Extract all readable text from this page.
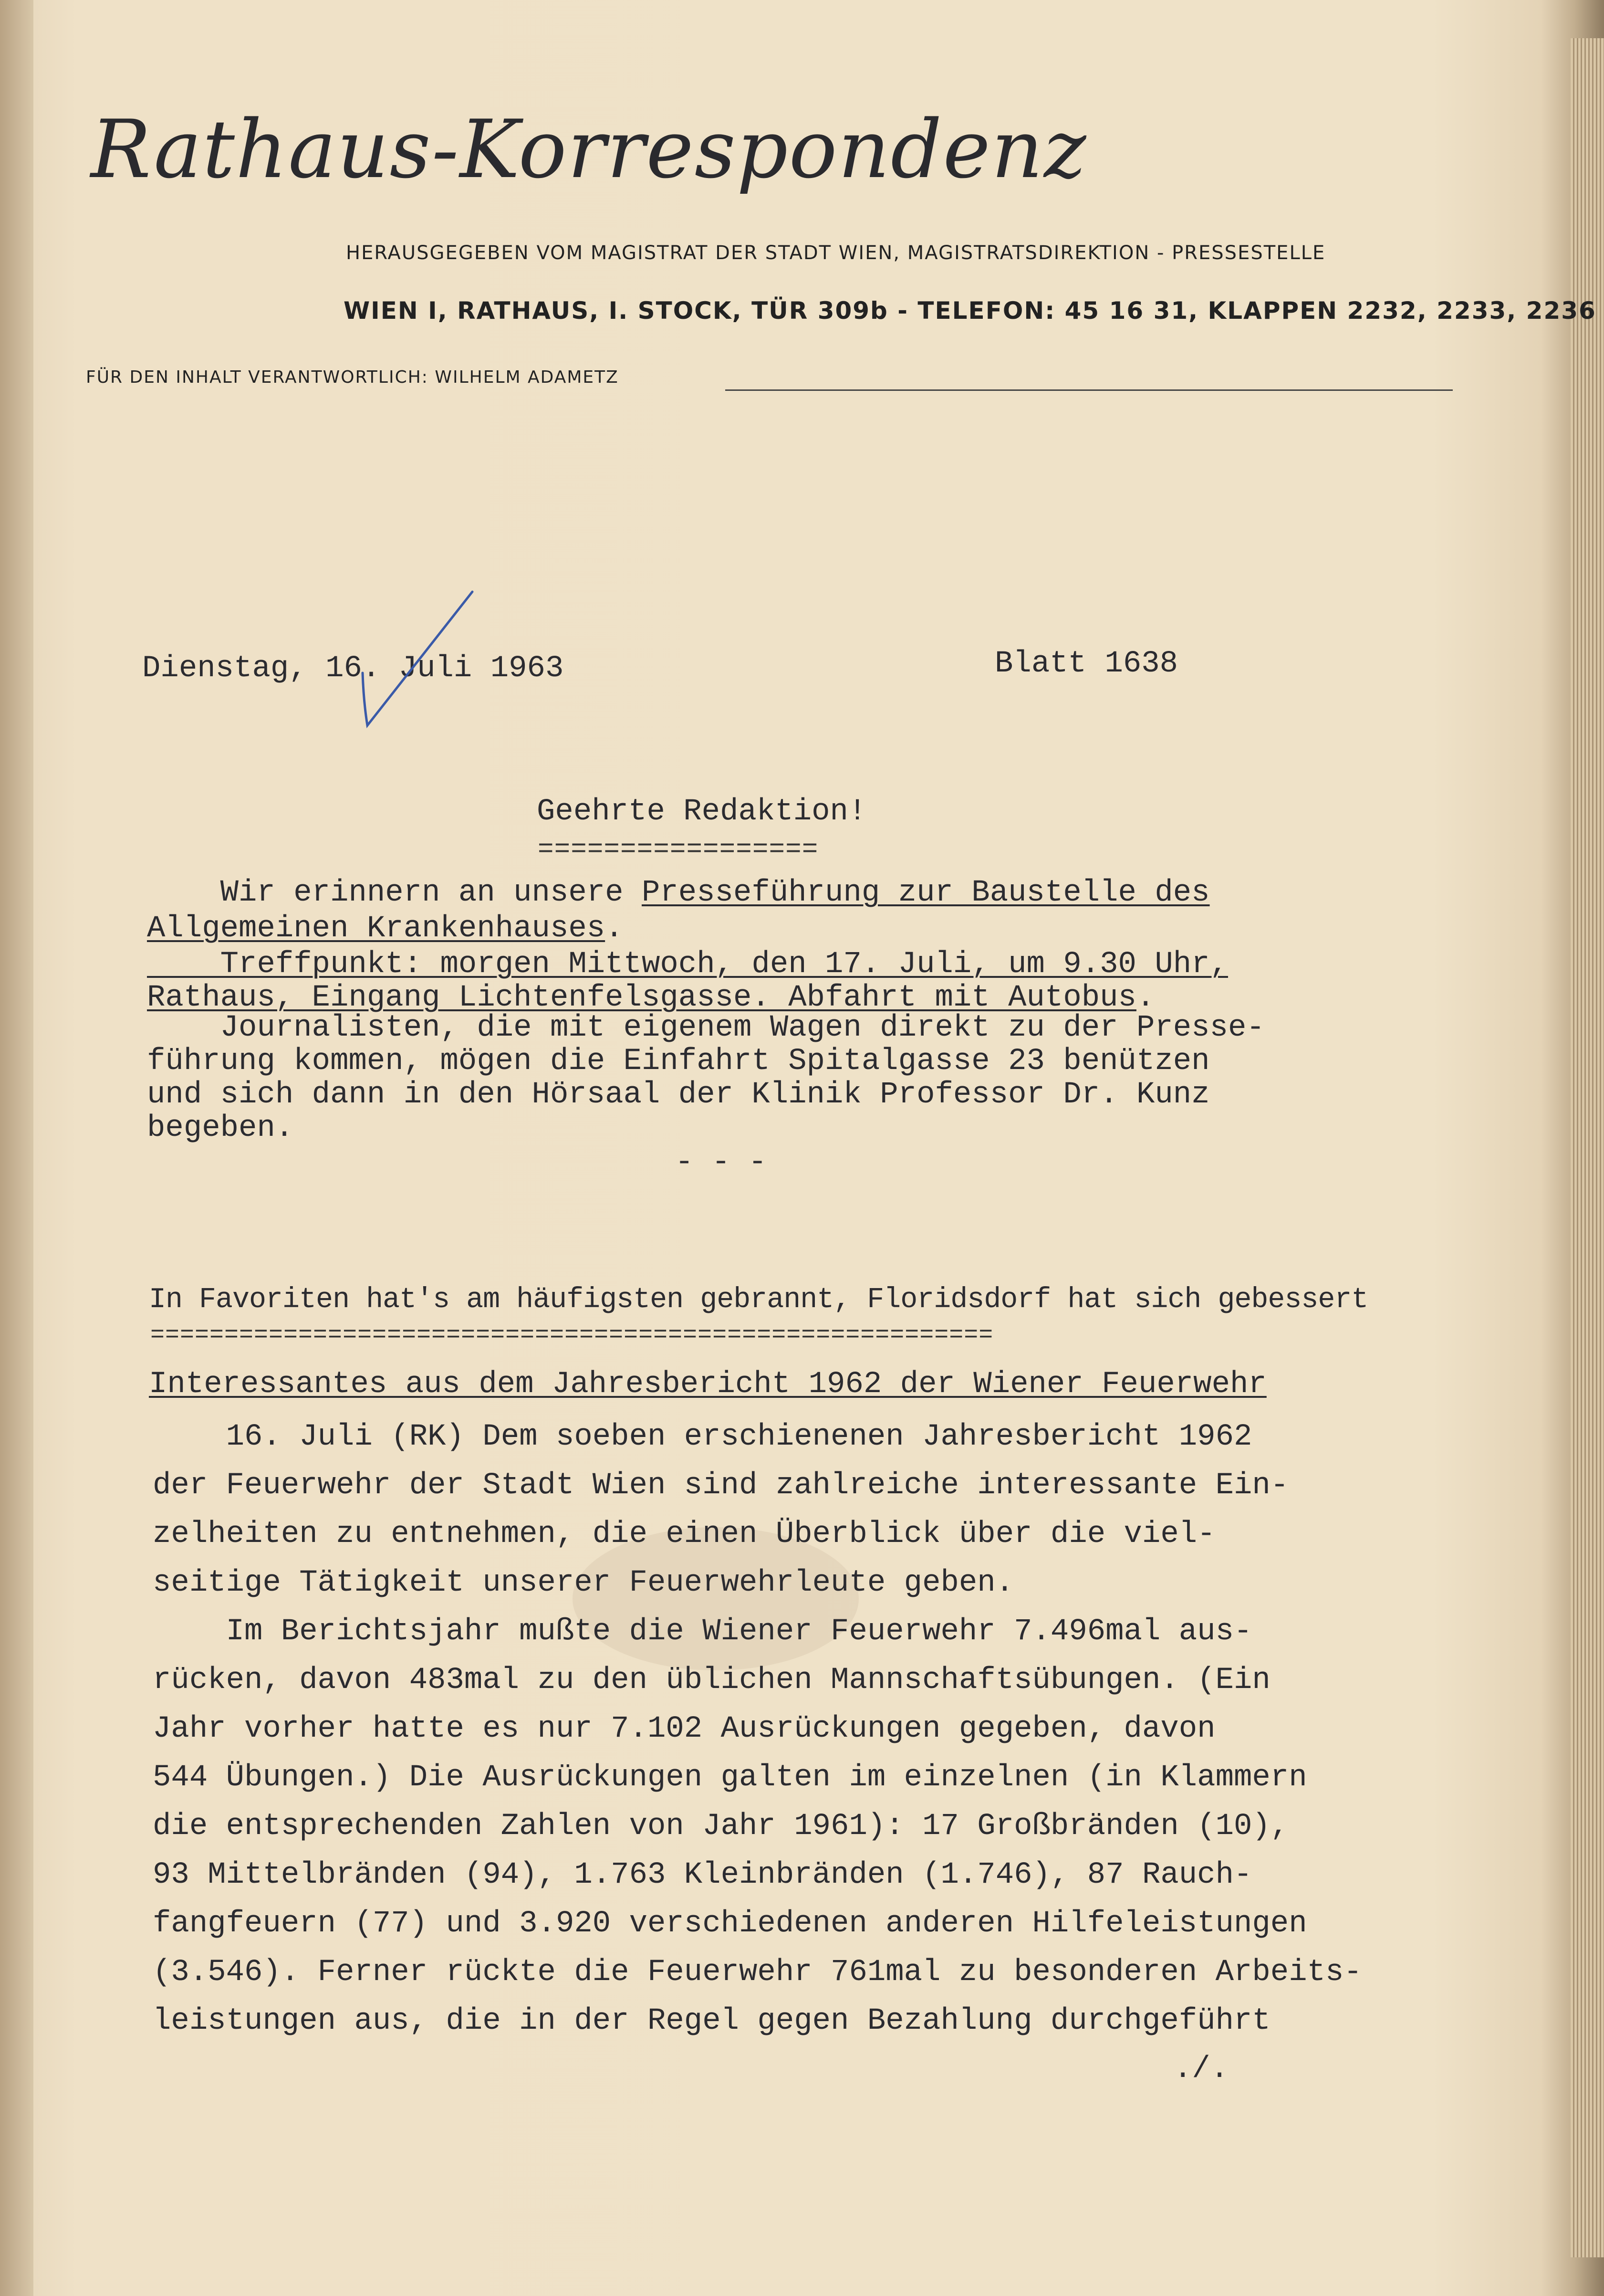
Rathaus-Korrespondenz
HERAUSGEGEBEN VOM MAGISTRAT DER STADT WIEN, MAGISTRATSDIREKTION - PRESSESTELLE
WIEN I, RATHAUS, I. STOCK, TÜR 309b - TELEFON: 45 16 31, KLAPPEN 2232, 2233, 2236
FÜR DEN INHALT VERANTWORTLICH: WILHELM ADAMETZ
Dienstag, 16. Juli 1963	Blatt 1638
Geehrte Redaktion!
=================
Wir erinnern an unsere Presseführung zur Baustelle des
Allgemeinen Krankenhauses.
Treffpunkt: morgen Mittwoch, den 17. Juli, um 9.30 Uhr,
Rathaus, Eingang Lichtenfelsgasse. Abfahrt mit Autobus.
Journalisten, die mit eigenem Wagen direkt zu der Presse-
führung kommen, mögen die Einfahrt Spitalgasse 23 benützen
und sich dann in den Hörsaal der Klinik Professor Dr. Kunz
begeben.
- - -
In Favoriten hat's am häufigsten gebrannt, Floridsdorf hat sich gebessert
=========================================================
Interessantes aus dem Jahresbericht 1962 der Wiener Feuerwehr
16. Juli (RK) Dem soeben erschienenen Jahresbericht 1962
der Feuerwehr der Stadt Wien sind zahlreiche interessante Ein-
zelheiten zu entnehmen, die einen Überblick über die viel-
seitige Tätigkeit unserer Feuerwehrleute geben.
Im Berichtsjahr mußte die Wiener Feuerwehr 7.496mal aus-
rücken, davon 483mal zu den üblichen Mannschaftsübungen. (Ein
Jahr vorher hatte es nur 7.102 Ausrückungen gegeben, davon
544 Übungen.) Die Ausrückungen galten im einzelnen (in Klammern
die entsprechenden Zahlen von Jahr 1961): 17 Großbränden (10),
93 Mittelbränden (94), 1.763 Kleinbränden (1.746), 87 Rauch-
fangfeuern (77) und 3.920 verschiedenen anderen Hilfeleistungen
(3.546). Ferner rückte die Feuerwehr 761mal zu besonderen Arbeits-
leistungen aus, die in der Regel gegen Bezahlung durchgeführt
./.
